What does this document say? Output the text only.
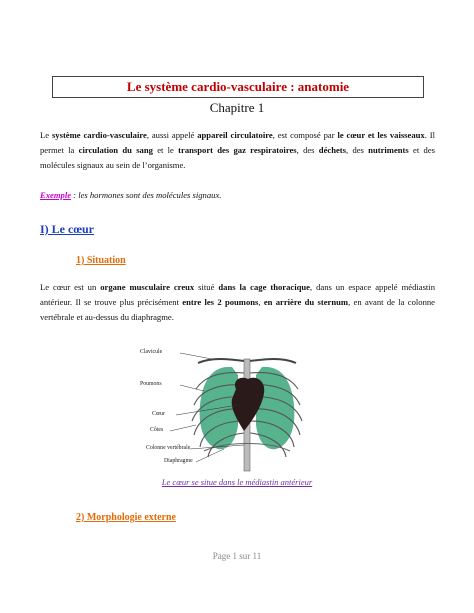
Le système cardio-vasculaire : anatomie
Chapitre 1
Le système cardio-vasculaire, aussi appelé appareil circulatoire, est composé par le cœur et les vaisseaux. Il permet la circulation du sang et le transport des gaz respiratoires, des déchets, des nutriments et des molécules signaux au sein de l’organisme.
Exemple : les hormones sont des molécules signaux.
I) Le cœur
1) Situation
Le cœur est un organe musculaire creux situé dans la cage thoracique, dans un espace appelé médiastin antérieur. Il se trouve plus précisément entre les 2 poumons, en arrière du sternum, en avant de la colonne vertébrale et au-dessus du diaphragme.
Clavicule
Poumons
Cœur
Côtes
Colonne vertébrale
Diaphragme
Le cœur se situe dans le médiastin antérieur
2) Morphologie externe
Page 1 sur 11
